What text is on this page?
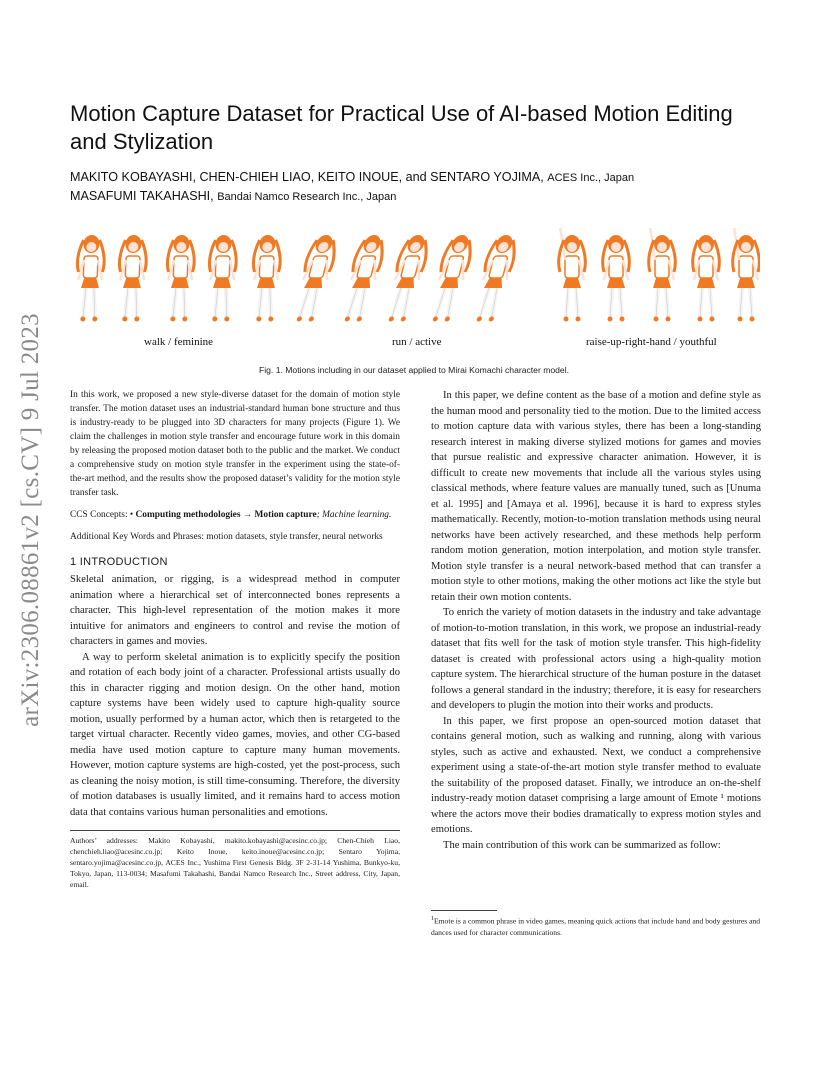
arXiv:2306.08861v2 [cs.CV] 9 Jul 2023
Motion Capture Dataset for Practical Use of AI-based Motion Editing and Stylization
MAKITO KOBAYASHI, CHEN-CHIEH LIAO, KEITO INOUE, and SENTARO YOJIMA, ACES Inc., Japan
MASAFUMI TAKAHASHI, Bandai Namco Research Inc., Japan
walk / feminine	run / active	raise-up-right-hand / youthful
Fig. 1. Motions including in our dataset applied to Mirai Komachi character model.

In this work, we proposed a new style-diverse dataset for the domain of motion style transfer. The motion dataset uses an industrial-standard human bone structure and thus is industry-ready to be plugged into 3D characters for many projects (Figure 1). We claim the challenges in motion style transfer and encourage future work in this domain by releasing the proposed motion dataset both to the public and the market. We conduct a comprehensive study on motion style transfer in the experiment using the state-of-the-art method, and the results show the proposed dataset’s validity for the motion style transfer task.

CCS Concepts: • Computing methodologies → Motion capture; Machine learning.

Additional Key Words and Phrases: motion datasets, style transfer, neural networks

1 INTRODUCTION

Skeletal animation, or rigging, is a widespread method in computer animation where a hierarchical set of interconnected bones represents a character. This high-level representation of the motion makes it more intuitive for animators and engineers to control and revise the motion of characters in games and movies.

A way to perform skeletal animation is to explicitly specify the position and rotation of each body joint of a character. Professional artists usually do this in character rigging and motion design. On the other hand, motion capture systems have been widely used to capture high-quality source motion, usually performed by a human actor, which then is retargeted to the target virtual character. Recently video games, movies, and other CG-based media have used motion capture to capture many human movements. However, motion capture systems are high-costed, yet the post-process, such as cleaning the noisy motion, is still time-consuming. Therefore, the diversity of motion databases is usually limited, and it remains hard to access motion data that contains various human personalities and emotions.

Authors’ addresses: Makito Kobayashi, makito.kobayashi@acesinc.co.jp; Chen-Chieh Liao, chenchieh.liao@acesinc.co.jp; Keito Inoue, keito.inoue@acesinc.co.jp; Sentaro Yojima, sentaro.yojima@acesinc.co.jp, ACES Inc., Yushima First Genesis Bldg. 3F 2-31-14 Yushima, Bunkyo-ku, Tokyo, Japan, 113-0034; Masafumi Takahashi, Bandai Namco Research Inc., Street address, City, Japan, email.

In this paper, we define content as the base of a motion and define style as the human mood and personality tied to the motion. Due to the limited access to motion capture data with various styles, there has been a long-standing research interest in making diverse stylized motions for games and movies that pursue realistic and expressive character animation. However, it is difficult to create new movements that include all the various styles using classical methods, where feature values are manually tuned, such as [Unuma et al. 1995] and [Amaya et al. 1996], because it is hard to express styles mathematically. Recently, motion-to-motion translation methods using neural networks have been actively researched, and these methods help perform random motion generation, motion interpolation, and motion style transfer. Motion style transfer is a neural network-based method that can transfer a motion style to other motions, making the other motions act like the style but retain their own motion contents.

To enrich the variety of motion datasets in the industry and take advantage of motion-to-motion translation, in this work, we propose an industrial-ready dataset that fits well for the task of motion style transfer. This high-fidelity dataset is created with professional actors using a high-quality motion capture system. The hierarchical structure of the human posture in the dataset follows a general standard in the industry; therefore, it is easy for researchers and developers to plugin the motion into their works and products.

In this paper, we first propose an open-sourced motion dataset that contains general motion, such as walking and running, along with various styles, such as active and exhausted. Next, we conduct a comprehensive experiment using a state-of-the-art motion style transfer method to evaluate the suitability of the proposed dataset. Finally, we introduce an on-the-shelf industry-ready motion dataset comprising a large amount of Emote ¹ motions where the actors move their bodies dramatically to express motion styles and emotions.

The main contribution of this work can be summarized as follow:

$^1$Emote is a common phrase in video games, meaning quick actions that include hand and body gestures and dances used for character communications.
